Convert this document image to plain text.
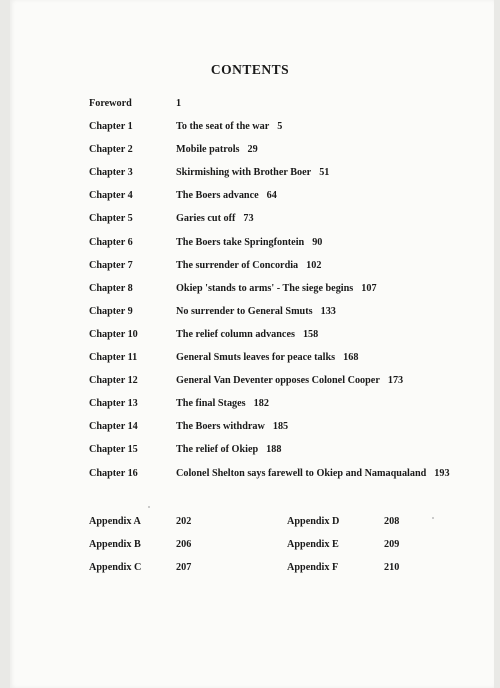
CONTENTS
Foreword	1
Chapter 1	To the seat of the war 5
Chapter 2	Mobile patrols 29
Chapter 3	Skirmishing with Brother Boer 51
Chapter 4	The Boers advance 64
Chapter 5	Garies cut off 73
Chapter 6	The Boers take Springfontein 90
Chapter 7	The surrender of Concordia 102
Chapter 8	Okiep 'stands to arms' - The siege begins 107
Chapter 9	No surrender to General Smuts 133
Chapter 10	The relief column advances 158
Chapter 11	General Smuts leaves for peace talks 168
Chapter 12	General Van Deventer opposes Colonel Cooper 173
Chapter 13	The final Stages 182
Chapter 14	The Boers withdraw 185
Chapter 15	The relief of Okiep 188
Chapter 16	Colonel Shelton says farewell to Okiep and Namaqualand 193
Appendix A	202	Appendix D	208
Appendix B	206	Appendix E	209
Appendix C	207	Appendix F	210
